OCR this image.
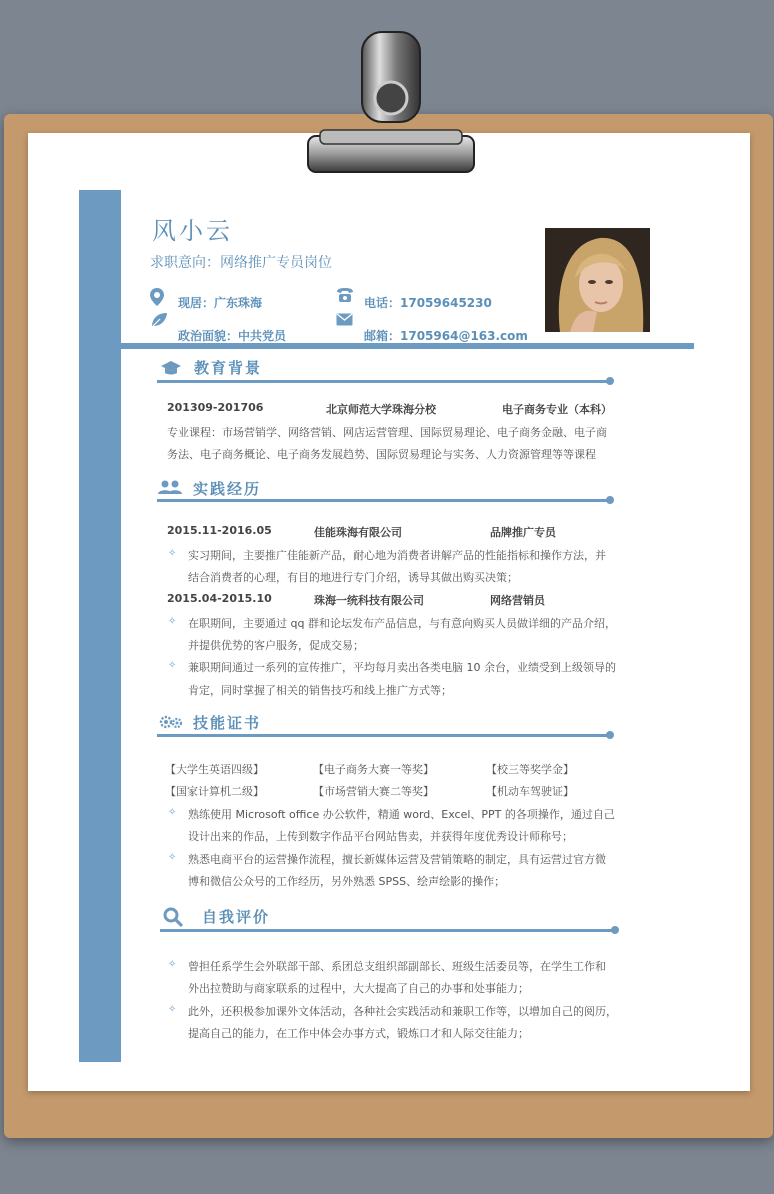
风小云
求职意向：网络推广专员岗位
现居：广东珠海
政治面貌：中共党员
电话：17059645230
邮箱：1705964@163.com
教育背景
201309-201706	北京师范大学珠海分校	电子商务专业（本科）
专业课程：市场营销学、网络营销、网店运营管理、国际贸易理论、电子商务金融、电子商
务法、电子商务概论、电子商务发展趋势、国际贸易理论与实务、人力资源管理等等课程
实践经历
2015.11-2016.05	佳能珠海有限公司	品牌推广专员
✧ 实习期间，主要推广佳能新产品，耐心地为消费者讲解产品的性能指标和操作方法，并
结合消费者的心理，有目的地进行专门介绍，诱导其做出购买决策；
2015.04-2015.10	珠海一统科技有限公司	网络营销员
✧ 在职期间，主要通过 qq 群和论坛发布产品信息，与有意向购买人员做详细的产品介绍，
并提供优势的客户服务，促成交易；
✧ 兼职期间通过一系列的宣传推广，平均每月卖出各类电脑 10 余台，业绩受到上级领导的
肯定，同时掌握了相关的销售技巧和线上推广方式等；
技能证书
【大学生英语四级】	【电子商务大赛一等奖】	【校三等奖学金】
【国家计算机二级】	【市场营销大赛二等奖】	【机动车驾驶证】
✧ 熟练使用 Microsoft office 办公软件，精通 word、Excel、PPT 的各项操作，通过自己
设计出来的作品，上传到数字作品平台网站售卖，并获得年度优秀设计师称号；
✧ 熟悉电商平台的运营操作流程，擅长新媒体运营及营销策略的制定，具有运营过官方微
博和微信公众号的工作经历，另外熟悉 SPSS、绘声绘影的操作；
自我评价
✧ 曾担任系学生会外联部干部、系团总支组织部副部长、班级生活委员等，在学生工作和
外出拉赞助与商家联系的过程中，大大提高了自己的办事和处事能力；
✧ 此外，还积极参加课外文体活动，各种社会实践活动和兼职工作等，以增加自己的阅历，
提高自己的能力，在工作中体会办事方式，锻炼口才和人际交往能力；
